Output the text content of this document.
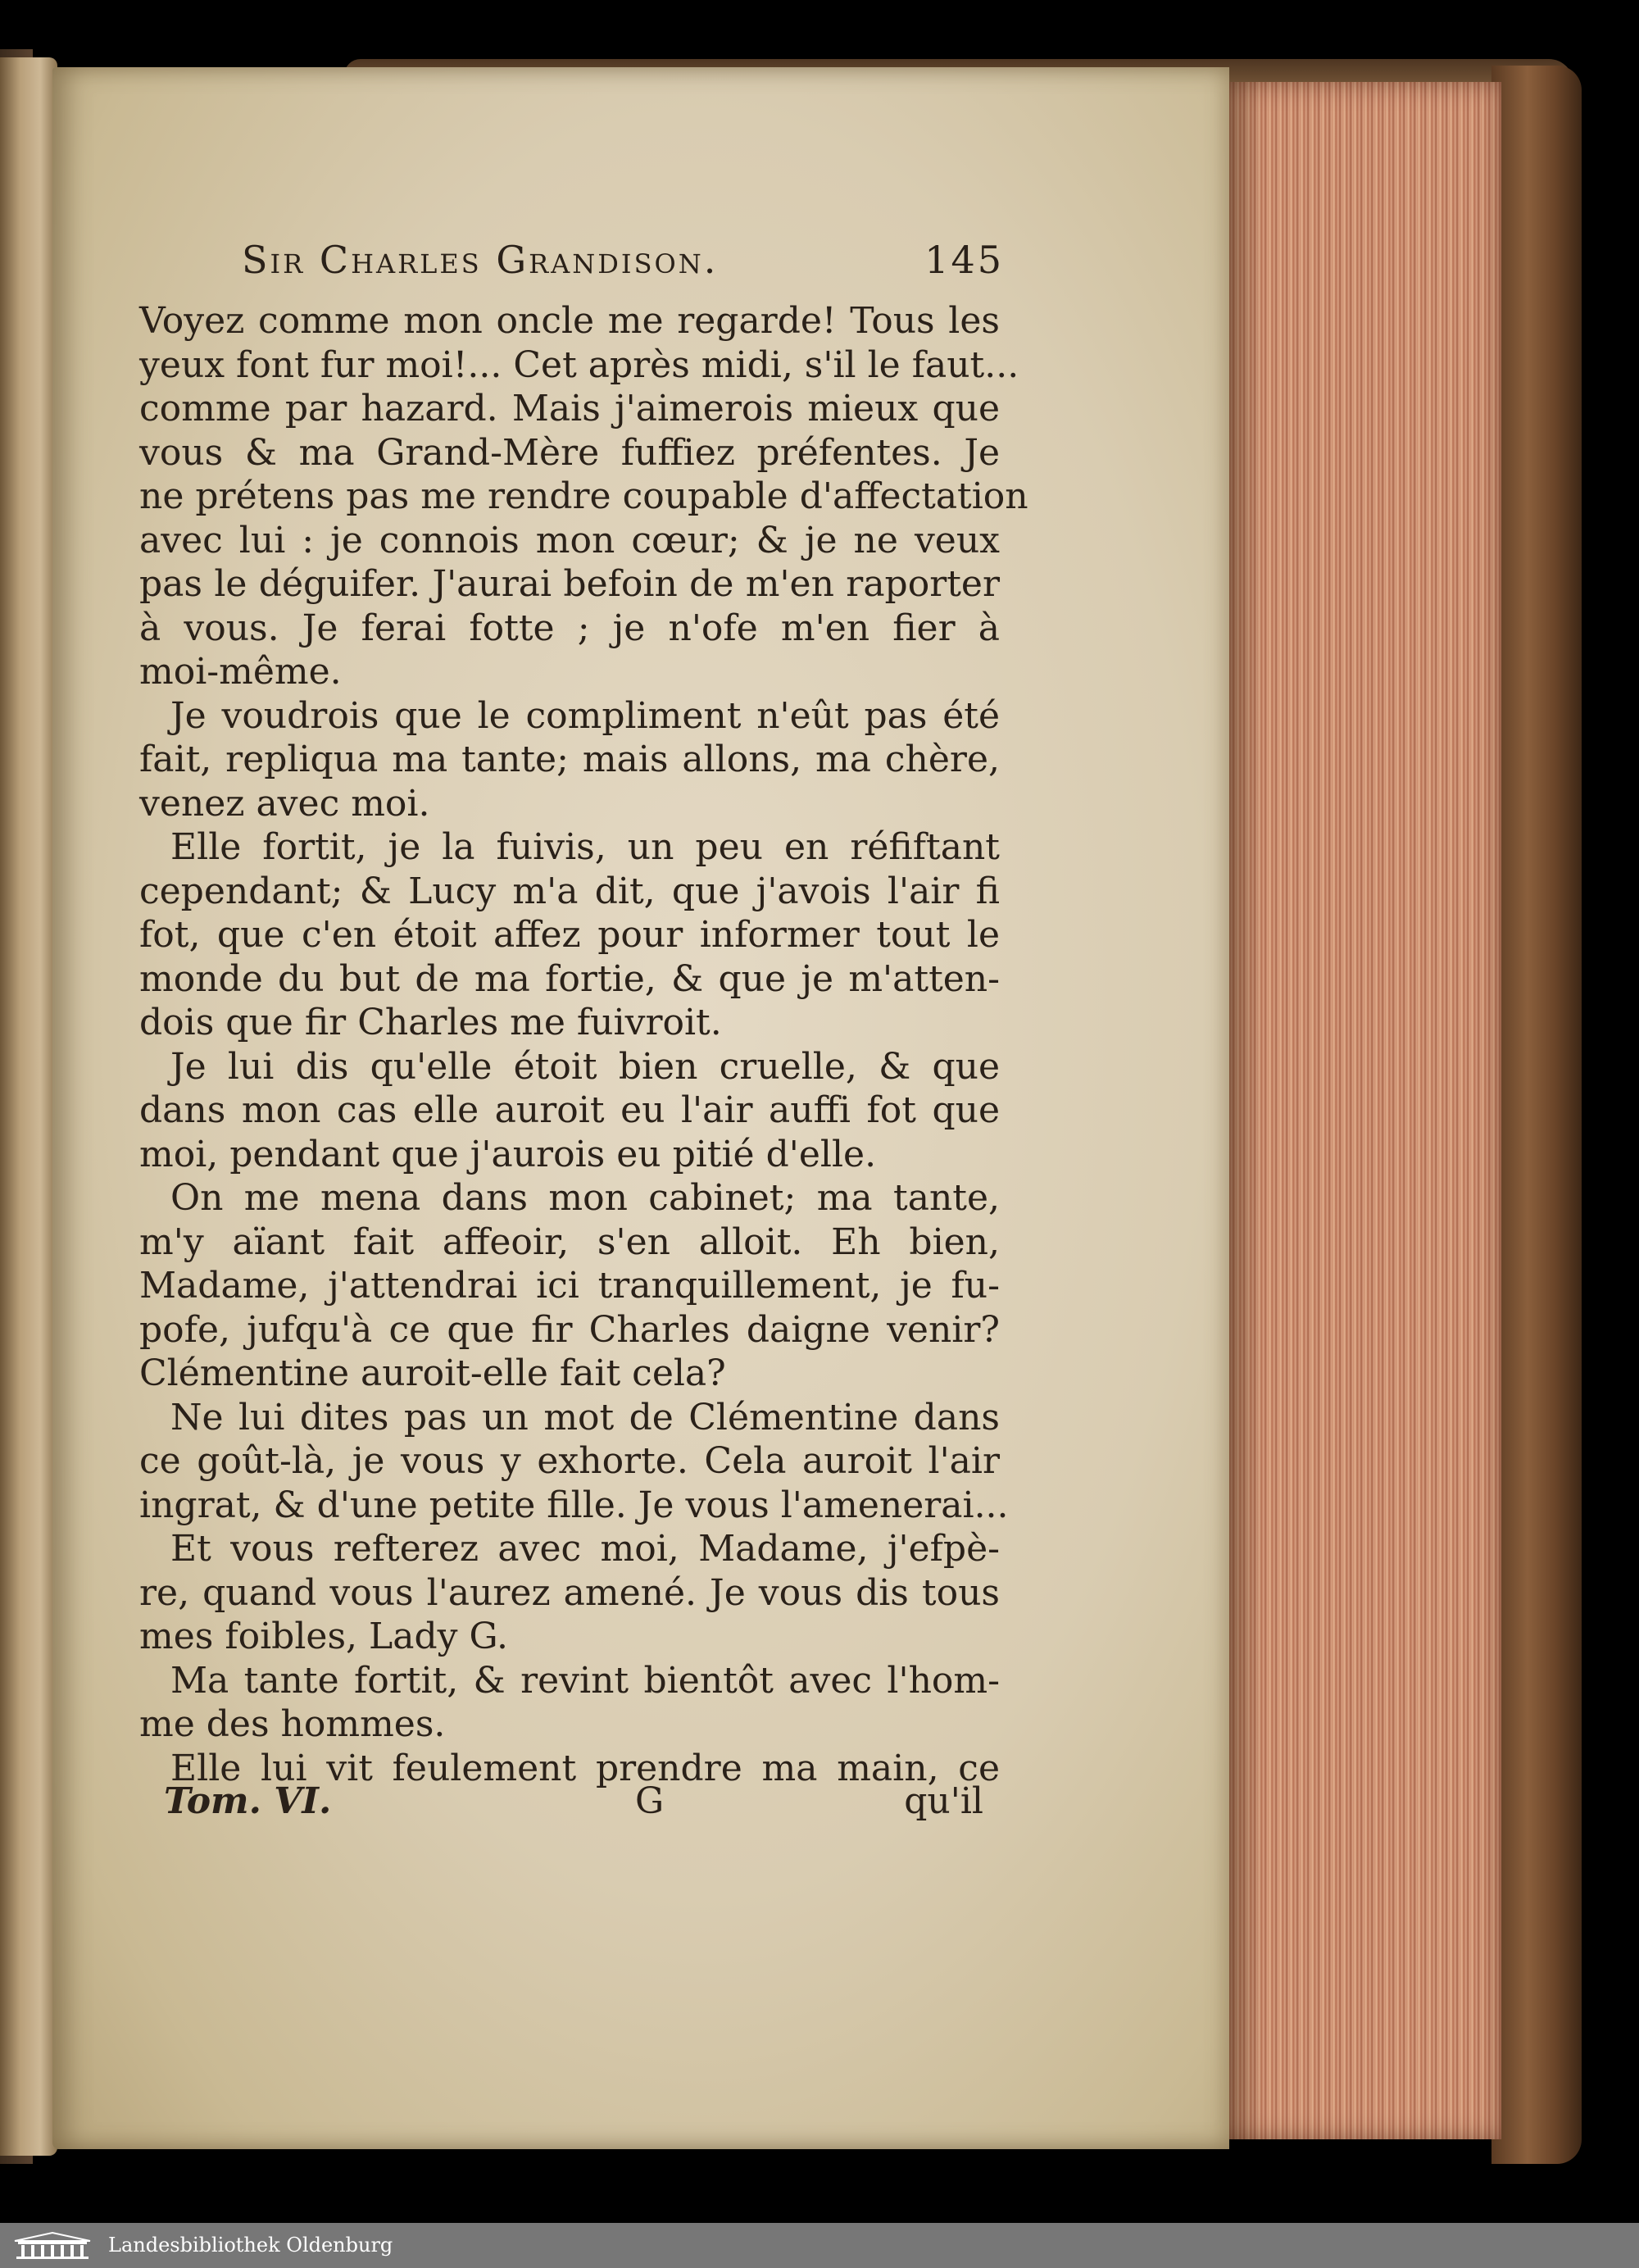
Sir Charles Grandison.	145
Voyez comme mon oncle me regarde! Tous les
yeux font fur moi!... Cet après midi, s'il le faut...
comme par hazard. Mais j'aimerois mieux que
vous & ma Grand-Mère fuffiez préfentes. Je
ne prétens pas me rendre coupable d'affectation
avec lui : je connois mon cœur; & je ne veux
pas le déguifer. J'aurai befoin de m'en raporter
à vous. Je ferai fotte ; je n'ofe m'en fier à
moi-même.
Je voudrois que le compliment n'eût pas été
fait, repliqua ma tante; mais allons, ma chère,
venez avec moi.
Elle fortit, je la fuivis, un peu en réfiftant
cependant; & Lucy m'a dit, que j'avois l'air fi
fot, que c'en étoit affez pour informer tout le
monde du but de ma fortie, & que je m'atten-
dois que fir Charles me fuivroit.
Je lui dis qu'elle étoit bien cruelle, & que
dans mon cas elle auroit eu l'air auffi fot que
moi, pendant que j'aurois eu pitié d'elle.
On me mena dans mon cabinet; ma tante,
m'y aïant fait affeoir, s'en alloit. Eh bien,
Madame, j'attendrai ici tranquillement, je fu-
pofe, jufqu'à ce que fir Charles daigne venir?
Clémentine auroit-elle fait cela?
Ne lui dites pas un mot de Clémentine dans
ce goût-là, je vous y exhorte. Cela auroit l'air
ingrat, & d'une petite fille. Je vous l'amenerai...
Et vous refterez avec moi, Madame, j'efpè-
re, quand vous l'aurez amené. Je vous dis tous
mes foibles, Lady G.
Ma tante fortit, & revint bientôt avec l'hom-
me des hommes.
Elle lui vit feulement prendre ma main, ce
Tom. VI.	G	qu'il
Landesbibliothek Oldenburg
